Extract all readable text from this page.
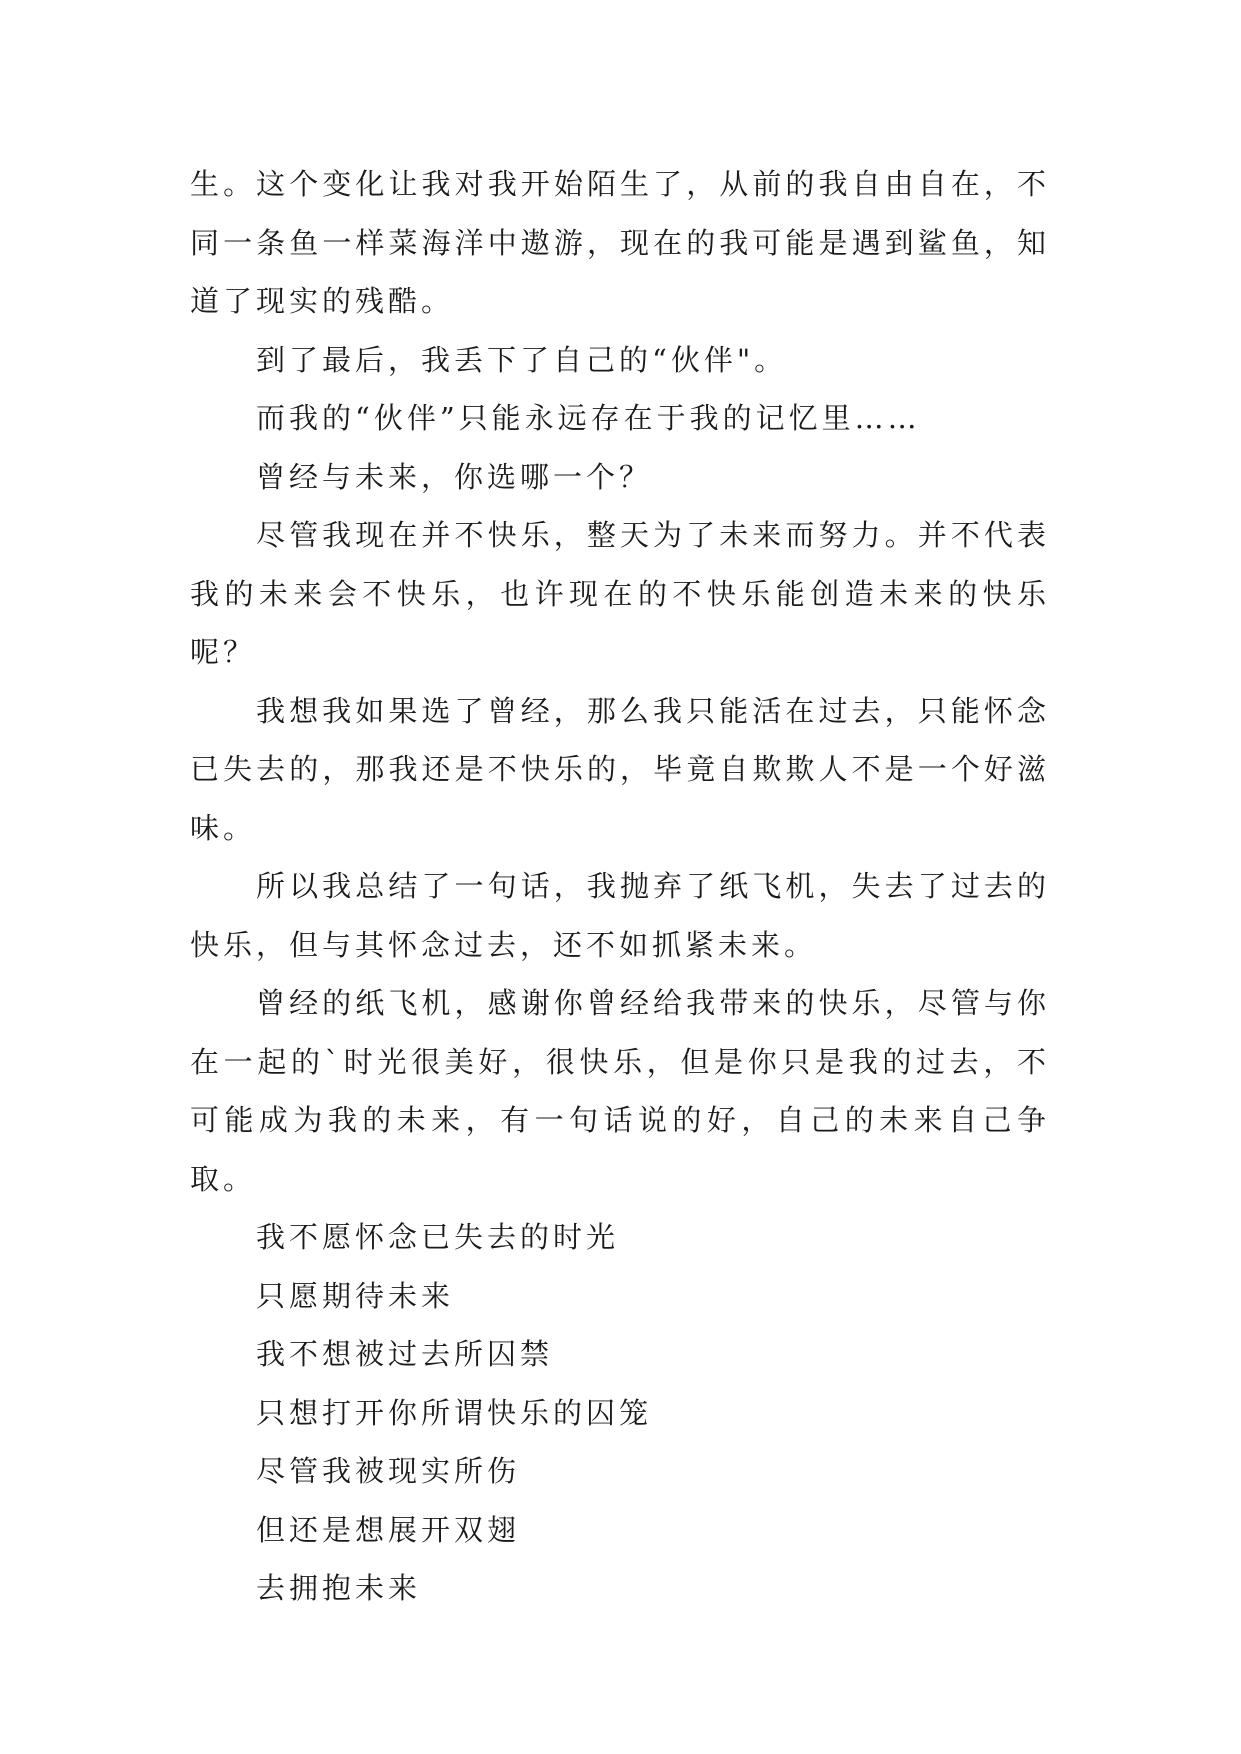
生。这个变化让我对我开始陌生了，从前的我自由自在，不同一条鱼一样菜海洋中遨游，现在的我可能是遇到鲨鱼，知道了现实的残酷。

到了最后，我丢下了自己的“伙伴"。

而我的“伙伴”只能永远存在于我的记忆里……

曾经与未来，你选哪一个？

尽管我现在并不快乐，整天为了未来而努力。并不代表我的未来会不快乐，也许现在的不快乐能创造未来的快乐呢？

我想我如果选了曾经，那么我只能活在过去，只能怀念已失去的，那我还是不快乐的，毕竟自欺欺人不是一个好滋味。

所以我总结了一句话，我抛弃了纸飞机，失去了过去的快乐，但与其怀念过去，还不如抓紧未来。

曾经的纸飞机，感谢你曾经给我带来的快乐，尽管与你在一起的`时光很美好，很快乐，但是你只是我的过去，不可能成为我的未来，有一句话说的好，自己的未来自己争取。

我不愿怀念已失去的时光

只愿期待未来

我不想被过去所囚禁

只想打开你所谓快乐的囚笼

尽管我被现实所伤

但还是想展开双翅

去拥抱未来
